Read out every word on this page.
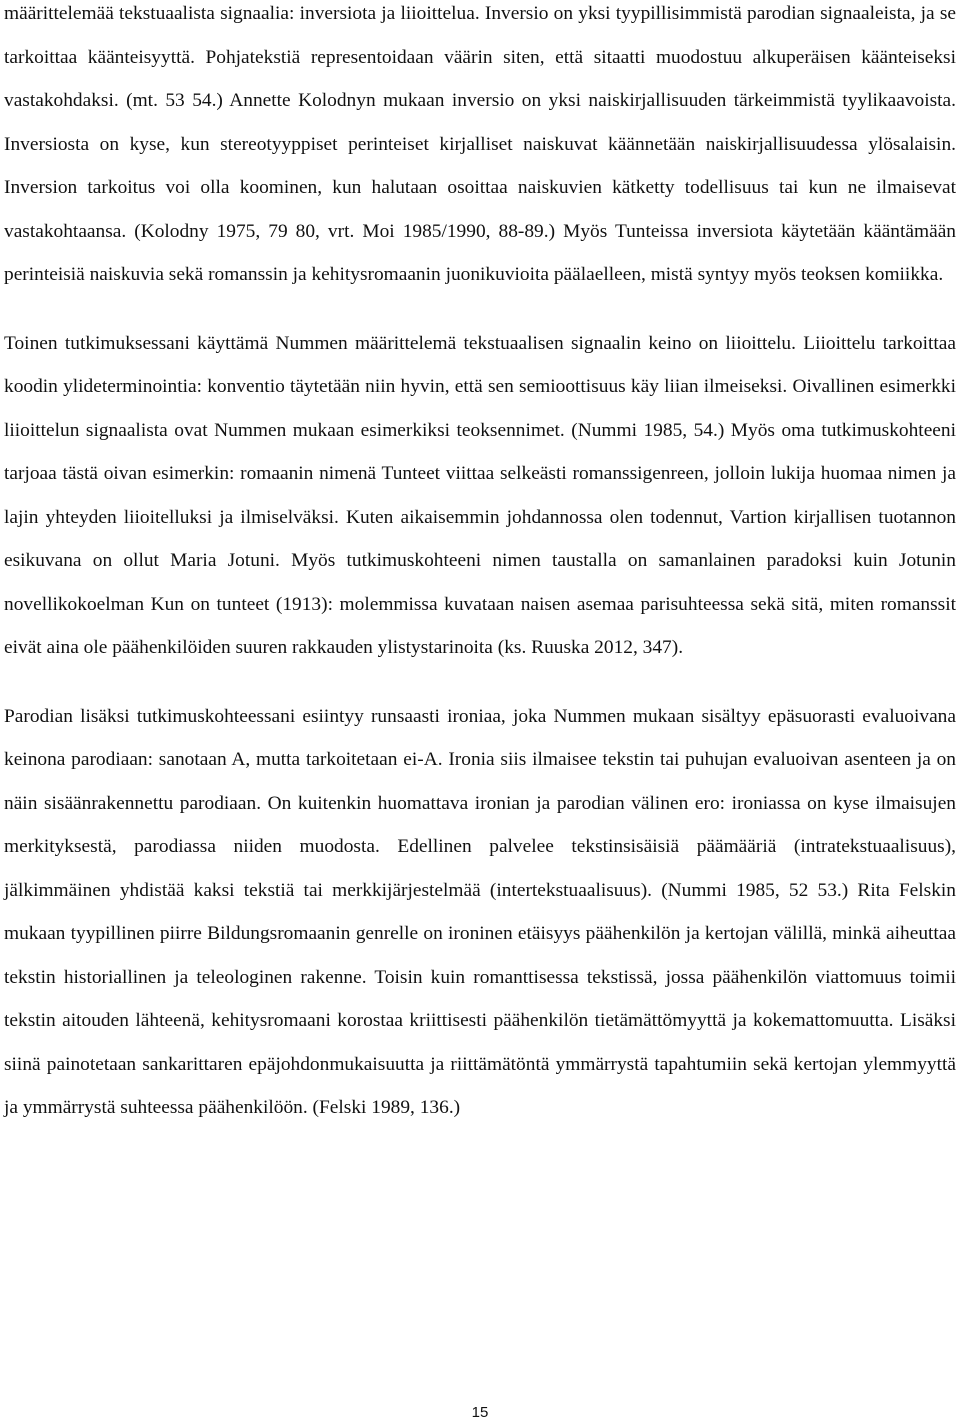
määrittelemää tekstuaalista signaalia: inversiota ja liioittelua. Inversio on yksi tyypillisimmistä parodian signaaleista, ja se tarkoittaa käänteisyyttä. Pohjatekstiä representoidaan väärin siten, että sitaatti muodostuu alkuperäisen käänteiseksi vastakohdaksi. (mt. 53 54.) Annette Kolodnyn mukaan inversio on yksi naiskirjallisuuden tärkeimmistä tyylikaavoista. Inversiosta on kyse, kun stereotyyppiset perinteiset kirjalliset naiskuvat käännetään naiskirjallisuudessa ylösalaisin. Inversion tarkoitus voi olla koominen, kun halutaan osoittaa naiskuvien kätketty todellisuus tai kun ne ilmaisevat vastakohtaansa. (Kolodny 1975, 79 80, vrt. Moi 1985/1990, 88-89.) Myös Tunteissa inversiota käytetään kääntämään perinteisiä naiskuvia sekä romanssin ja kehitysromaanin juonikuvioita päälaelleen, mistä syntyy myös teoksen komiikka.

Toinen tutkimuksessani käyttämä Nummen määrittelemä tekstuaalisen signaalin keino on liioittelu. Liioittelu tarkoittaa koodin ylideterminointia: konventio täytetään niin hyvin, että sen semioottisuus käy liian ilmeiseksi. Oivallinen esimerkki liioittelun signaalista ovat Nummen mukaan esimerkiksi teoksennimet. (Nummi 1985, 54.) Myös oma tutkimuskohteeni tarjoaa tästä oivan esimerkin: romaanin nimenä Tunteet viittaa selkeästi romanssigenreen, jolloin lukija huomaa nimen ja lajin yhteyden liioitelluksi ja ilmiselväksi. Kuten aikaisemmin johdannossa olen todennut, Vartion kirjallisen tuotannon esikuvana on ollut Maria Jotuni. Myös tutkimuskohteeni nimen taustalla on samanlainen paradoksi kuin Jotunin novellikokoelman Kun on tunteet (1913): molemmissa kuvataan naisen asemaa parisuhteessa sekä sitä, miten romanssit eivät aina ole päähenkilöiden suuren rakkauden ylistystarinoita (ks. Ruuska 2012, 347).

Parodian lisäksi tutkimuskohteessani esiintyy runsaasti ironiaa, joka Nummen mukaan sisältyy epäsuorasti evaluoivana keinona parodiaan: sanotaan A, mutta tarkoitetaan ei-A. Ironia siis ilmaisee tekstin tai puhujan evaluoivan asenteen ja on näin sisäänrakennettu parodiaan. On kuitenkin huomattava ironian ja parodian välinen ero: ironiassa on kyse ilmaisujen merkityksestä, parodiassa niiden muodosta. Edellinen palvelee tekstinsisäisiä päämääriä (intratekstuaalisuus), jälkimmäinen yhdistää kaksi tekstiä tai merkkijärjestelmää (intertekstuaalisuus). (Nummi 1985, 52 53.) Rita Felskin mukaan tyypillinen piirre Bildungsromaanin genrelle on ironinen etäisyys päähenkilön ja kertojan välillä, minkä aiheuttaa tekstin historiallinen ja teleologinen rakenne. Toisin kuin romanttisessa tekstissä, jossa päähenkilön viattomuus toimii tekstin aitouden lähteenä, kehitysromaani korostaa kriittisesti päähenkilön tietämättömyyttä ja kokemattomuutta. Lisäksi siinä painotetaan sankarittaren epäjohdonmukaisuutta ja riittämätöntä ymmärrystä tapahtumiin sekä kertojan ylemmyyttä ja ymmärrystä suhteessa päähenkilöön. (Felski 1989, 136.)

15
